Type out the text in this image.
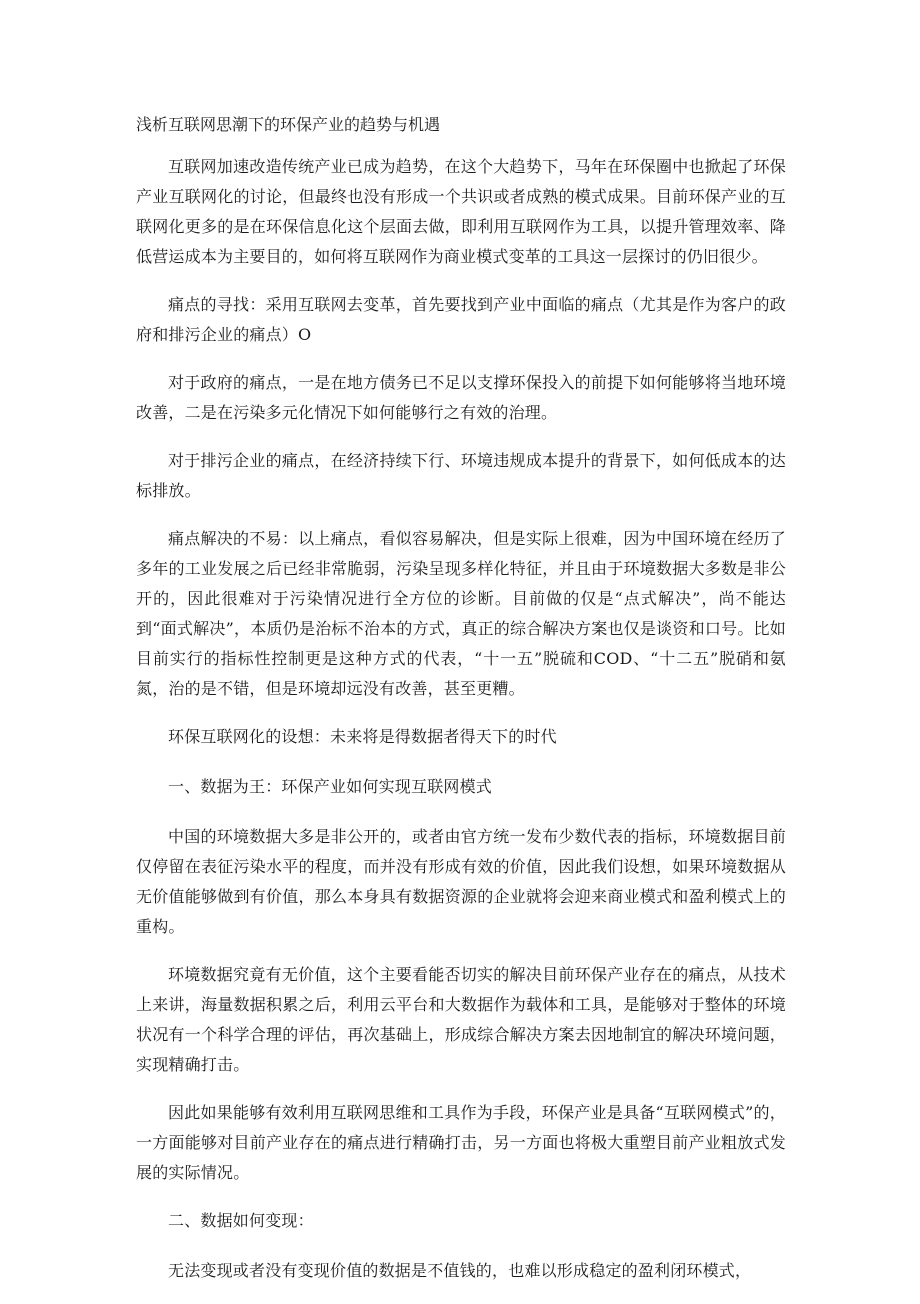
浅析互联网思潮下的环保产业的趋势与机遇

互联网加速改造传统产业已成为趋势，在这个大趋势下，马年在环保圈中也掀起了环保产业互联网化的讨论，但最终也没有形成一个共识或者成熟的模式成果。目前环保产业的互联网化更多的是在环保信息化这个层面去做，即利用互联网作为工具，以提升管理效率、降低营运成本为主要目的，如何将互联网作为商业模式变革的工具这一层探讨的仍旧很少。

痛点的寻找：采用互联网去变革，首先要找到产业中面临的痛点（尤其是作为客户的政府和排污企业的痛点）O

对于政府的痛点，一是在地方债务已不足以支撑环保投入的前提下如何能够将当地环境改善，二是在污染多元化情况下如何能够行之有效的治理。

对于排污企业的痛点，在经济持续下行、环境违规成本提升的背景下，如何低成本的达标排放。

痛点解决的不易：以上痛点，看似容易解决，但是实际上很难，因为中国环境在经历了多年的工业发展之后已经非常脆弱，污染呈现多样化特征，并且由于环境数据大多数是非公开的，因此很难对于污染情况进行全方位的诊断。目前做的仅是“点式解决”，尚不能达到“面式解决”，本质仍是治标不治本的方式，真正的综合解决方案也仅是谈资和口号。比如目前实行的指标性控制更是这种方式的代表，“十一五”脱硫和COD、“十二五”脱硝和氨氮，治的是不错，但是环境却远没有改善，甚至更糟。

环保互联网化的设想：未来将是得数据者得天下的时代

一、数据为王：环保产业如何实现互联网模式

中国的环境数据大多是非公开的，或者由官方统一发布少数代表的指标，环境数据目前仅停留在表征污染水平的程度，而并没有形成有效的价值，因此我们设想，如果环境数据从无价值能够做到有价值，那么本身具有数据资源的企业就将会迎来商业模式和盈利模式上的重构。

环境数据究竟有无价值，这个主要看能否切实的解决目前环保产业存在的痛点，从技术上来讲，海量数据积累之后，利用云平台和大数据作为载体和工具，是能够对于整体的环境状况有一个科学合理的评估，再次基础上，形成综合解决方案去因地制宜的解决环境问题，实现精确打击。

因此如果能够有效利用互联网思维和工具作为手段，环保产业是具备“互联网模式”的，一方面能够对目前产业存在的痛点进行精确打击，另一方面也将极大重塑目前产业粗放式发展的实际情况。

二、数据如何变现：

无法变现或者没有变现价值的数据是不值钱的，也难以形成稳定的盈利闭环模式，
